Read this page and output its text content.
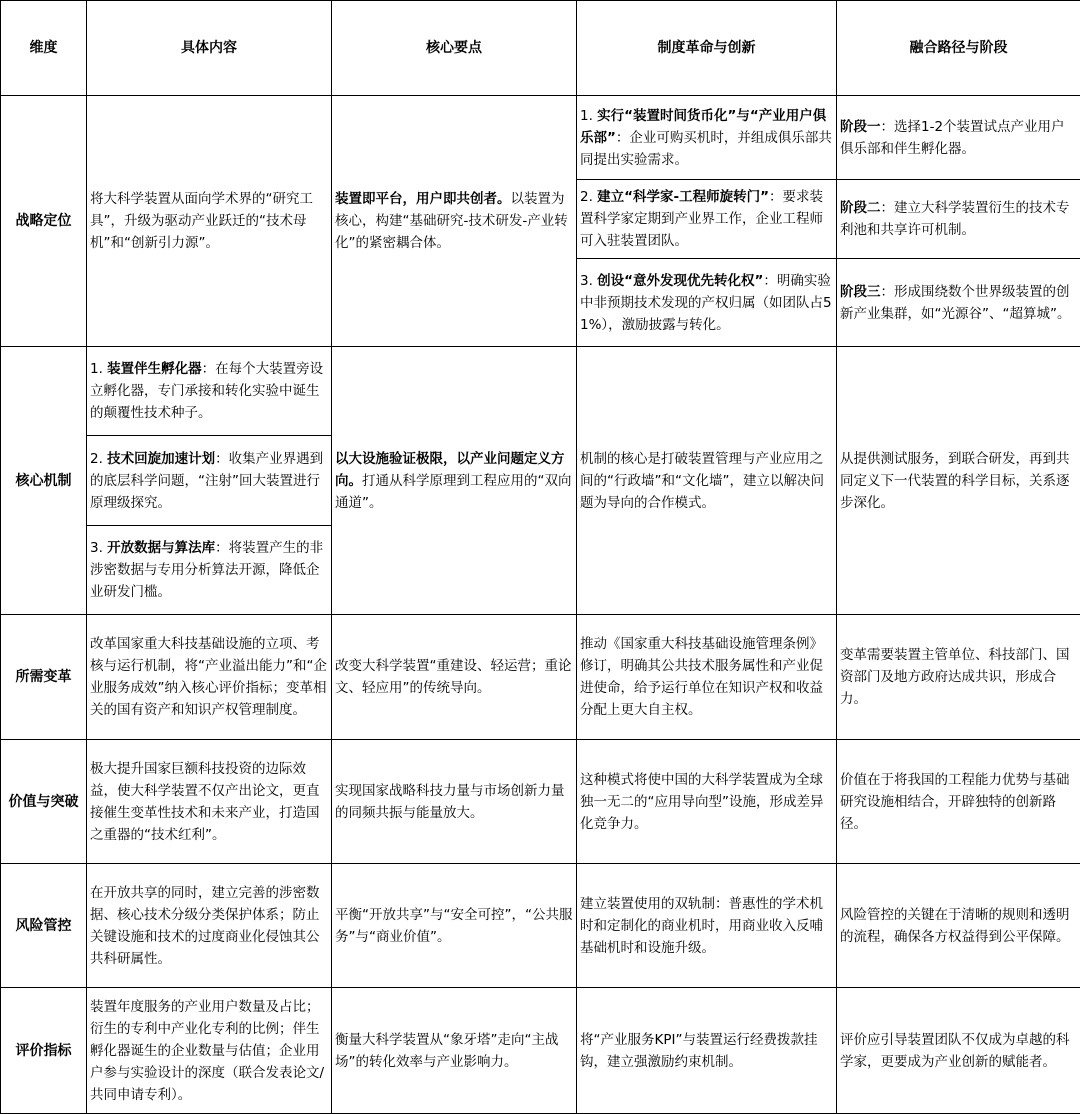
维度	具体内容	核心要点	制度革命与创新	融合路径与阶段
战略定位	将大科学装置从面向学术界的“研究工具”，升级为驱动产业跃迁的“技术母机”和“创新引力源”。	装置即平台，用户即共创者。以装置为核心，构建“基础研究-技术研发-产业转化”的紧密耦合体。	1. 实行“装置时间货币化”与“产业用户俱乐部”：企业可购买机时，并组成俱乐部共同提出实验需求。	阶段一：选择1-2个装置试点产业用户俱乐部和伴生孵化器。
			2. 建立“科学家-工程师旋转门”：要求装置科学家定期到产业界工作，企业工程师可入驻装置团队。	阶段二：建立大科学装置衍生的技术专利池和共享许可机制。
			3. 创设“意外发现优先转化权”：明确实验中非预期技术发现的产权归属（如团队占51%），激励披露与转化。	阶段三：形成围绕数个世界级装置的创新产业集群，如“光源谷”、“超算城”。
核心机制	1. 装置伴生孵化器：在每个大装置旁设立孵化器，专门承接和转化实验中诞生的颠覆性技术种子。	以大设施验证极限，以产业问题定义方向。打通从科学原理到工程应用的“双向通道”。	机制的核心是打破装置管理与产业应用之间的“行政墙”和“文化墙”，建立以解决问题为导向的合作模式。	从提供测试服务，到联合研发，再到共同定义下一代装置的科学目标，关系逐步深化。
	2. 技术回旋加速计划：收集产业界遇到的底层科学问题，“注射”回大装置进行原理级探究。			
	3. 开放数据与算法库：将装置产生的非涉密数据与专用分析算法开源，降低企业研发门槛。			
所需变革	改革国家重大科技基础设施的立项、考核与运行机制，将“产业溢出能力”和“企业服务成效”纳入核心评价指标；变革相关的国有资产和知识产权管理制度。	改变大科学装置“重建设、轻运营；重论文、轻应用”的传统导向。	推动《国家重大科技基础设施管理条例》修订，明确其公共技术服务属性和产业促进使命，给予运行单位在知识产权和收益分配上更大自主权。	变革需要装置主管单位、科技部门、国资部门及地方政府达成共识，形成合力。
价值与突破	极大提升国家巨额科技投资的边际效益，使大科学装置不仅产出论文，更直接催生变革性技术和未来产业，打造国之重器的“技术红利”。	实现国家战略科技力量与市场创新力量的同频共振与能量放大。	这种模式将使中国的大科学装置成为全球独一无二的“应用导向型”设施，形成差异化竞争力。	价值在于将我国的工程能力优势与基础研究设施相结合，开辟独特的创新路径。
风险管控	在开放共享的同时，建立完善的涉密数据、核心技术分级分类保护体系；防止关键设施和技术的过度商业化侵蚀其公共科研属性。	平衡“开放共享”与“安全可控”，“公共服务”与“商业价值”。	建立装置使用的双轨制：普惠性的学术机时和定制化的商业机时，用商业收入反哺基础机时和设施升级。	风险管控的关键在于清晰的规则和透明的流程，确保各方权益得到公平保障。
评价指标	装置年度服务的产业用户数量及占比；衍生的专利中产业化专利的比例；伴生孵化器诞生的企业数量与估值；企业用户参与实验设计的深度（联合发表论文/共同申请专利）。	衡量大科学装置从“象牙塔”走向“主战场”的转化效率与产业影响力。	将“产业服务KPI”与装置运行经费拨款挂钩，建立强激励约束机制。	评价应引导装置团队不仅成为卓越的科学家，更要成为产业创新的赋能者。
